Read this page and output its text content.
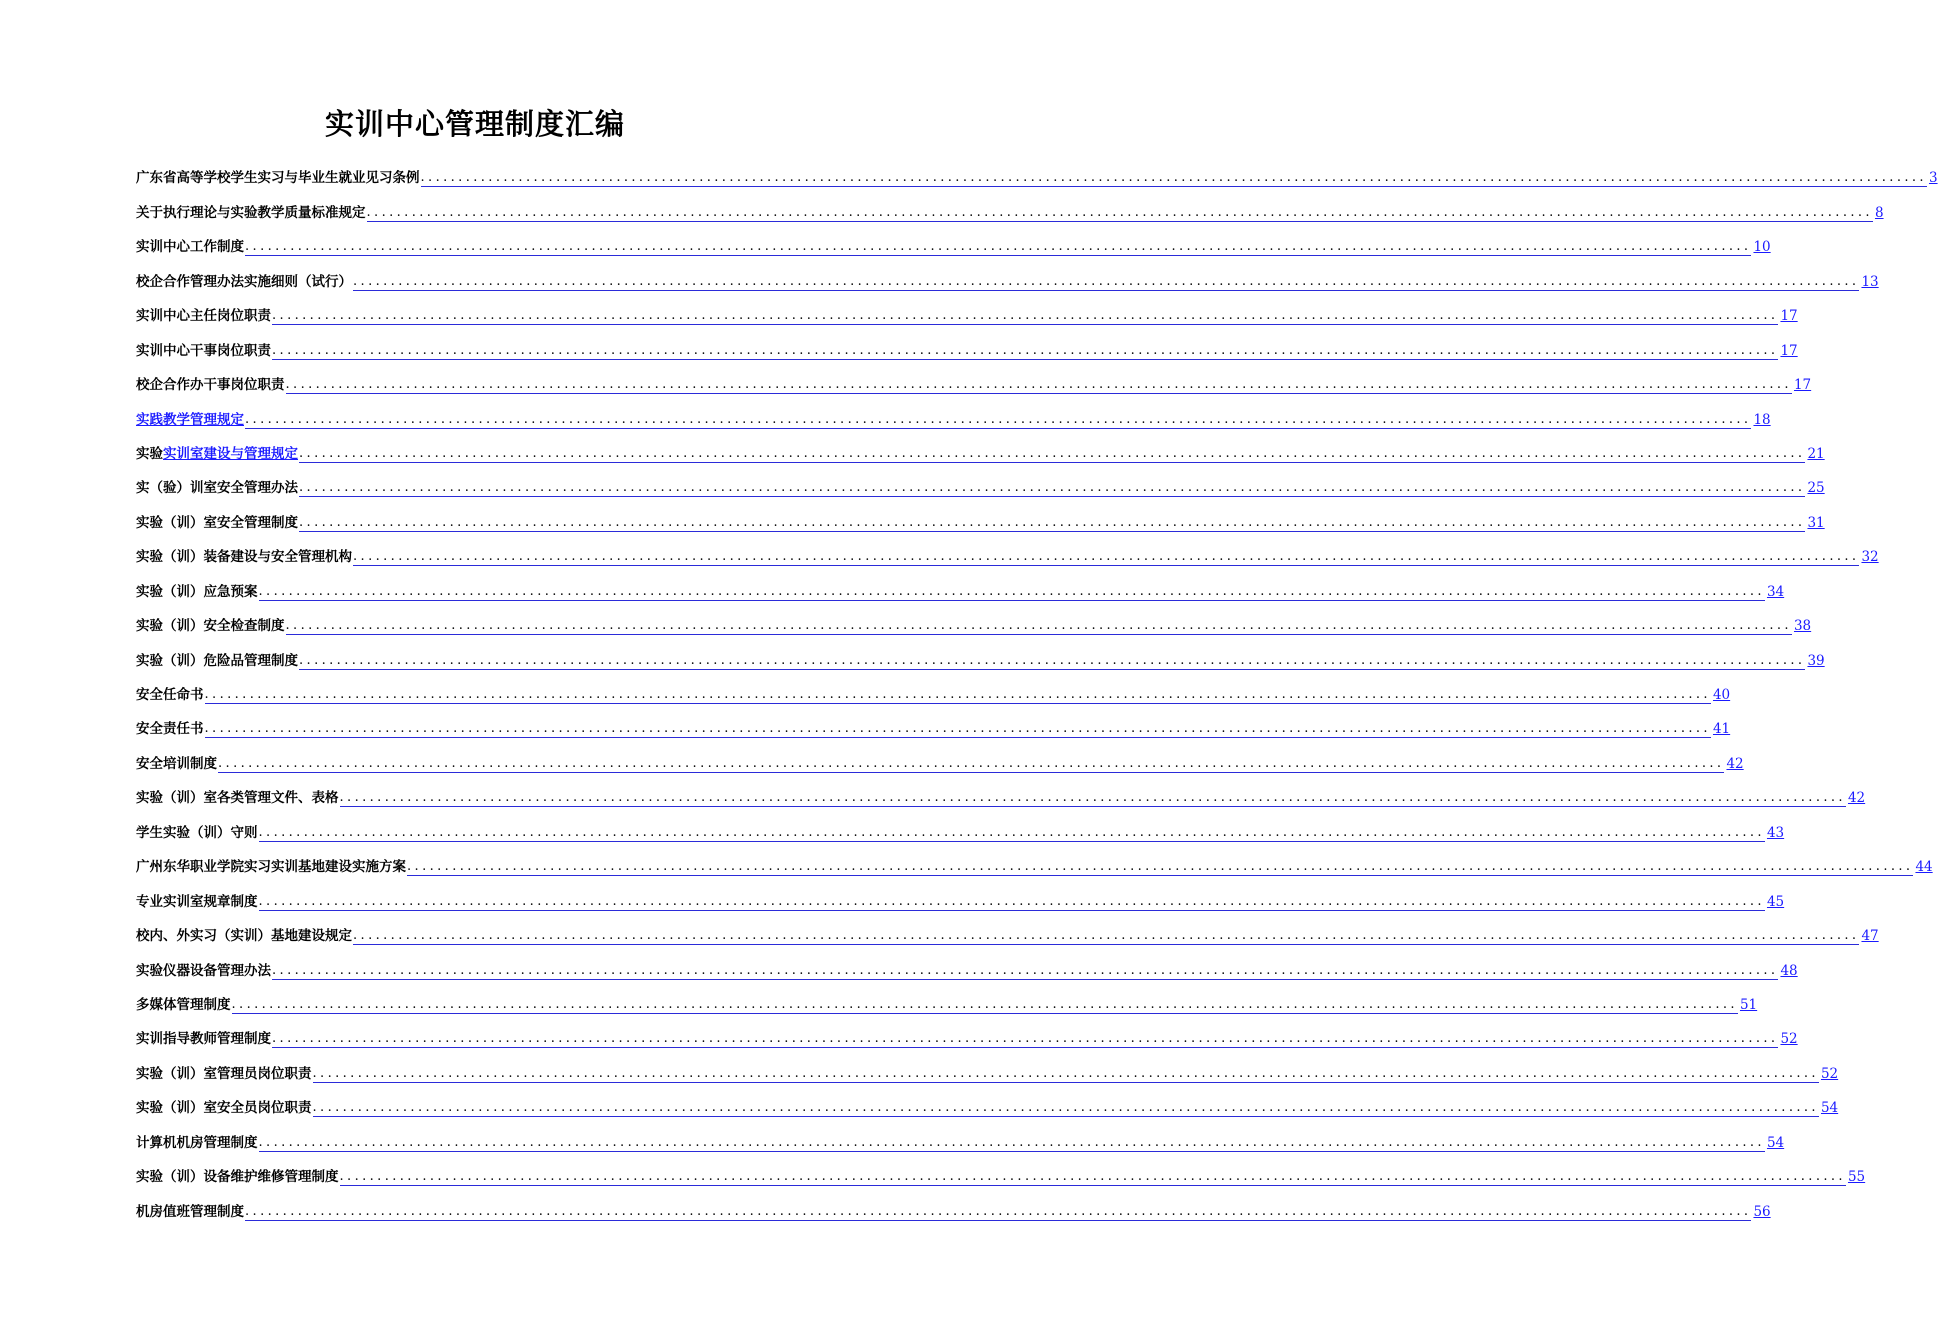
实训中心管理制度汇编
广东省高等学校学生实习与毕业生就业见习条例 ........................................................................................................................................................................................................ 3
关于执行理论与实验教学质量标准规定 ........................................................................................................................................................................................................ 8
实训中心工作制度 ........................................................................................................................................................................................................ 10
校企合作管理办法实施细则（试行） ........................................................................................................................................................................................................ 13
实训中心主任岗位职责 ........................................................................................................................................................................................................ 17
实训中心干事岗位职责 ........................................................................................................................................................................................................ 17
校企合作办干事岗位职责 ........................................................................................................................................................................................................ 17
实践教学管理规定 ........................................................................................................................................................................................................ 18
实验实训室建设与管理规定 ........................................................................................................................................................................................................ 21
实（验）训室安全管理办法 ........................................................................................................................................................................................................ 25
实验（训）室安全管理制度 ........................................................................................................................................................................................................ 31
实验（训）装备建设与安全管理机构 ........................................................................................................................................................................................................ 32
实验（训）应急预案 ........................................................................................................................................................................................................ 34
实验（训）安全检查制度 ........................................................................................................................................................................................................ 38
实验（训）危险品管理制度 ........................................................................................................................................................................................................ 39
安全任命书 ........................................................................................................................................................................................................ 40
安全责任书 ........................................................................................................................................................................................................ 41
安全培训制度 ........................................................................................................................................................................................................ 42
实验（训）室各类管理文件、表格 ........................................................................................................................................................................................................ 42
学生实验（训）守则 ........................................................................................................................................................................................................ 43
广州东华职业学院实习实训基地建设实施方案 ........................................................................................................................................................................................................ 44
专业实训室规章制度 ........................................................................................................................................................................................................ 45
校内、外实习（实训）基地建设规定 ........................................................................................................................................................................................................ 47
实验仪器设备管理办法 ........................................................................................................................................................................................................ 48
多媒体管理制度 ........................................................................................................................................................................................................ 51
实训指导教师管理制度 ........................................................................................................................................................................................................ 52
实验（训）室管理员岗位职责 ........................................................................................................................................................................................................ 52
实验（训）室安全员岗位职责 ........................................................................................................................................................................................................ 54
计算机机房管理制度 ........................................................................................................................................................................................................ 54
实验（训）设备维护维修管理制度 ........................................................................................................................................................................................................ 55
机房值班管理制度 ........................................................................................................................................................................................................ 56
